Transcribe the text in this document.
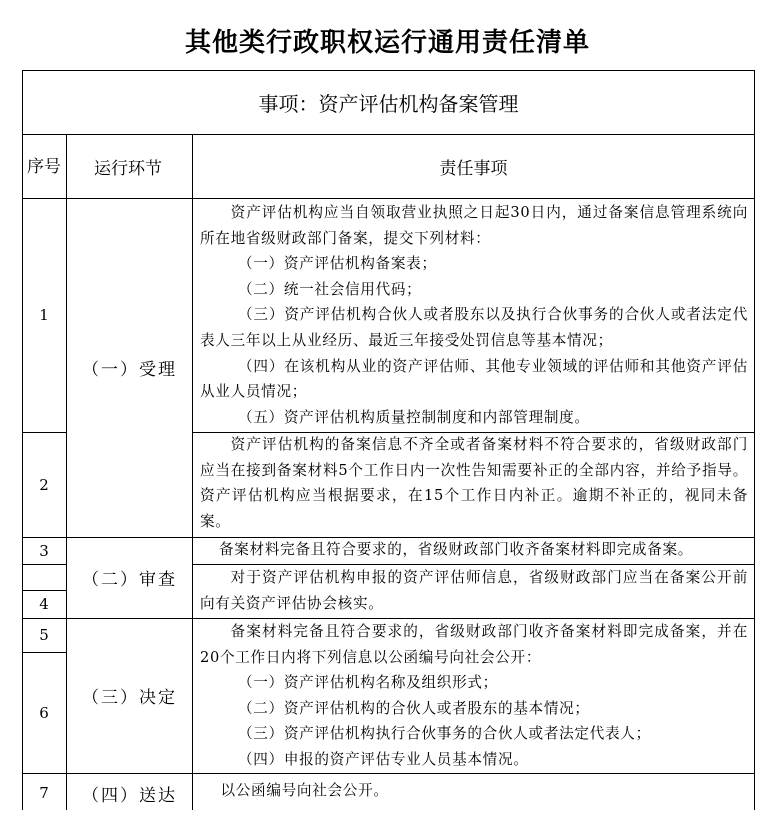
其他类行政职权运行通用责任清单
事项：资产评估机构备案管理
序号	运行环节	责任事项
1
2
3
4
5
6
7
（一）受理
（二）审查
（三）决定
（四）送达

资产评估机构应当自领取营业执照之日起30日内，通过备案信息管理系统向所在地省级财政部门备案，提交下列材料：

（一）资产评估机构备案表；

（二）统一社会信用代码；

（三）资产评估机构合伙人或者股东以及执行合伙事务的合伙人或者法定代表人三年以上从业经历、最近三年接受处罚信息等基本情况；

（四）在该机构从业的资产评估师、其他专业领域的评估师和其他资产评估从业人员情况；

（五）资产评估机构质量控制制度和内部管理制度。

资产评估机构的备案信息不齐全或者备案材料不符合要求的，省级财政部门应当在接到备案材料5个工作日内一次性告知需要补正的全部内容，并给予指导。资产评估机构应当根据要求，在15个工作日内补正。逾期不补正的，视同未备案。

备案材料完备且符合要求的，省级财政部门收齐备案材料即完成备案。

对于资产评估机构申报的资产评估师信息，省级财政部门应当在备案公开前向有关资产评估协会核实。

备案材料完备且符合要求的，省级财政部门收齐备案材料即完成备案，并在20个工作日内将下列信息以公函编号向社会公开：

（一）资产评估机构名称及组织形式；

（二）资产评估机构的合伙人或者股东的基本情况；

（三）资产评估机构执行合伙事务的合伙人或者法定代表人；

（四）申报的资产评估专业人员基本情况。

以公函编号向社会公开。
